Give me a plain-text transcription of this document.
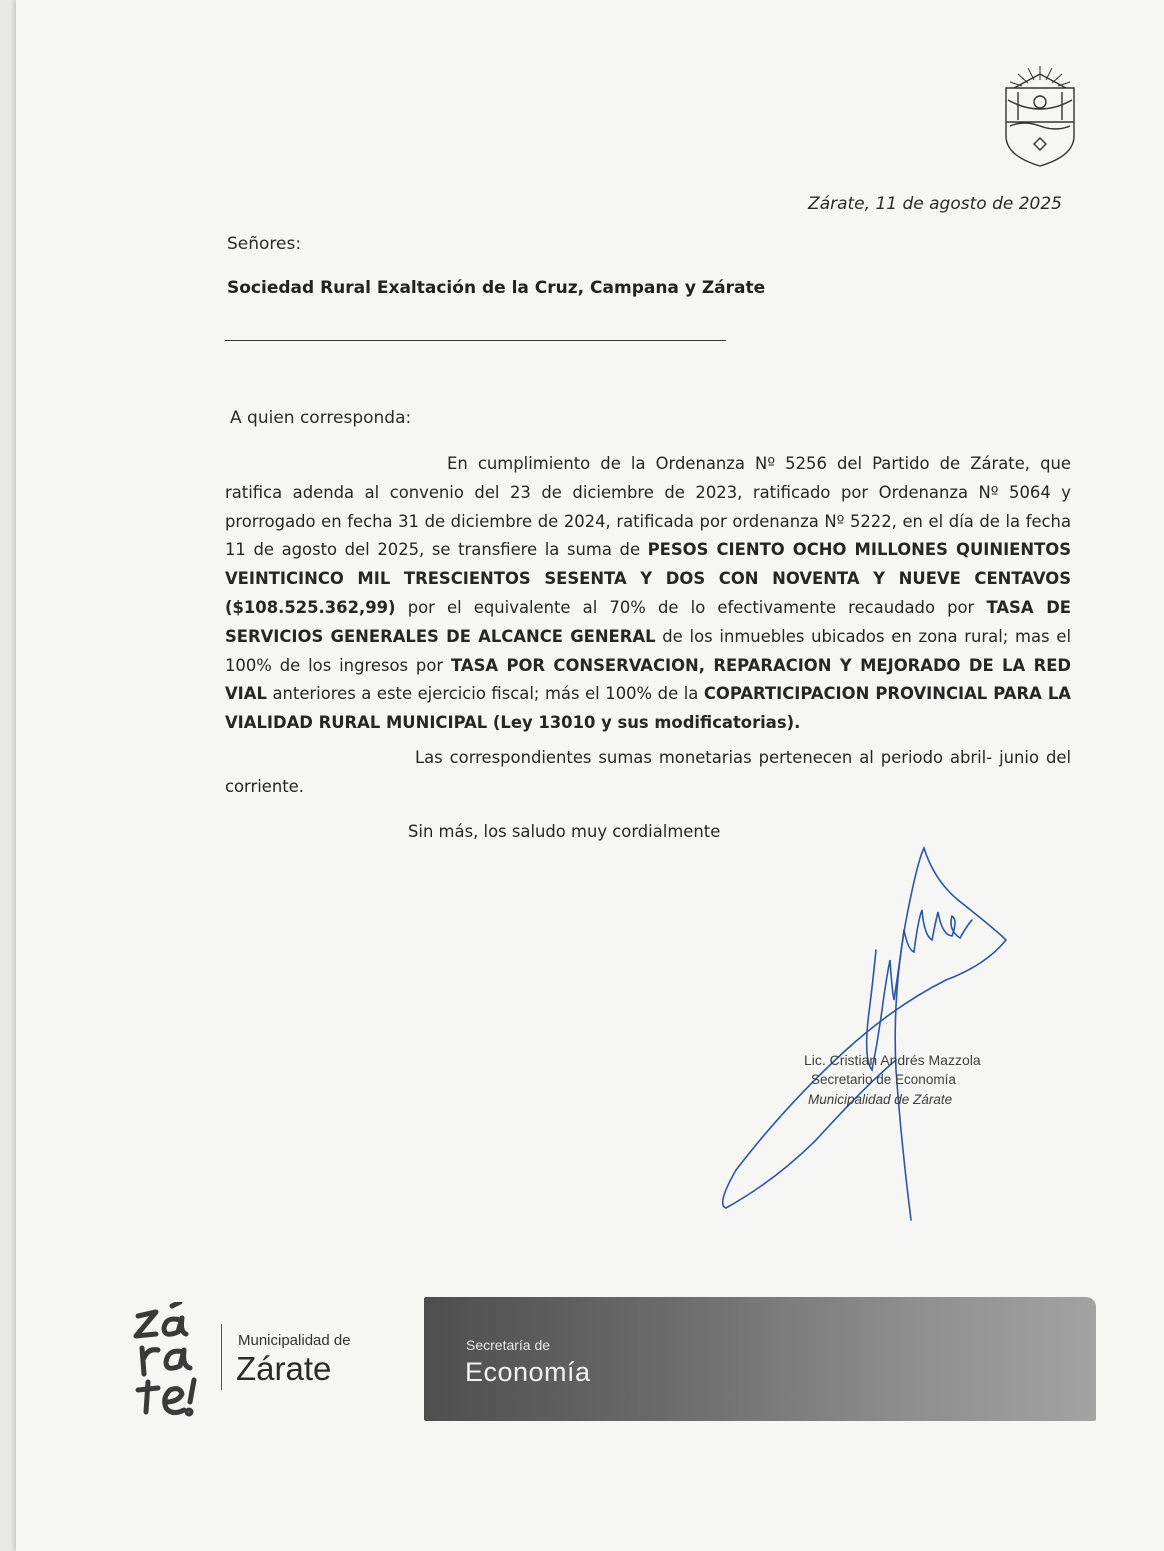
Zárate, 11 de agosto de 2025
Señores:
Sociedad Rural Exaltación de la Cruz, Campana y Zárate
A quien corresponda:

En cumplimiento de la Ordenanza Nº 5256 del Partido de Zárate, que ratifica adenda al convenio del 23 de diciembre de 2023, ratificado por Ordenanza Nº 5064 y prorrogado en fecha 31 de diciembre de 2024, ratificada por ordenanza Nº 5222, en el día de la fecha 11 de agosto del 2025, se transfiere la suma de PESOS CIENTO OCHO MILLONES QUINIENTOS VEINTICINCO MIL TRESCIENTOS SESENTA Y DOS CON NOVENTA Y NUEVE CENTAVOS ($108.525.362,99) por el equivalente al 70% de lo efectivamente recaudado por TASA DE SERVICIOS GENERALES DE ALCANCE GENERAL de los inmuebles ubicados en zona rural; mas el 100% de los ingresos por TASA POR CONSERVACION, REPARACION Y MEJORADO DE LA RED VIAL anteriores a este ejercicio fiscal; más el 100% de la COPARTICIPACION PROVINCIAL PARA LA VIALIDAD RURAL MUNICIPAL (Ley 13010 y sus modificatorias).

Las correspondientes sumas monetarias pertenecen al periodo abril- junio del corriente.

Sin más, los saludo muy cordialmente
Lic. Cristian Andrés Mazzola
Secretario de Economía
Municipalidad de Zárate
Municipalidad de
Zárate
Secretaría de
Economía
